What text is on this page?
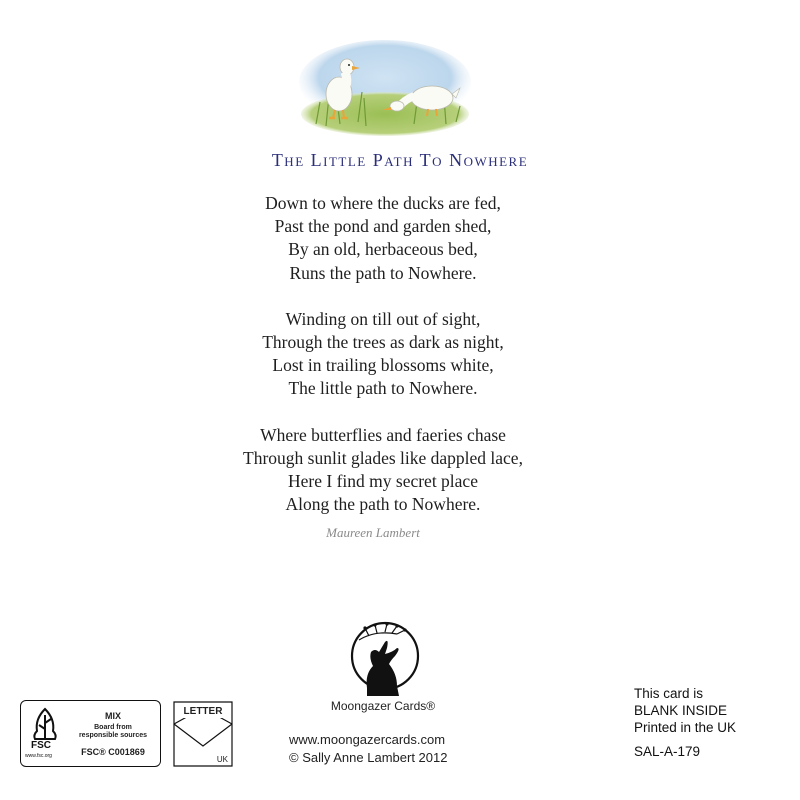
The Little Path To Nowhere
Down to where the ducks are fed,
Past the pond and garden shed,
By an old, herbaceous bed,
Runs the path to Nowhere.
Winding on till out of sight,
Through the trees as dark as night,
Lost in trailing blossoms white,
The little path to Nowhere.
Where butterflies and faeries chase
Through sunlit glades like dappled lace,
Here I find my secret place
Along the path to Nowhere.
Maureen Lambert
Moongazer Cards®
www.moongazercards.com
© Sally Anne Lambert 2012
FSC
www.fsc.org
MIX
Board from
responsible sources
FSC® C001869
LETTER
UK
This card is
BLANK INSIDE
Printed in the UK
SAL-A-179
